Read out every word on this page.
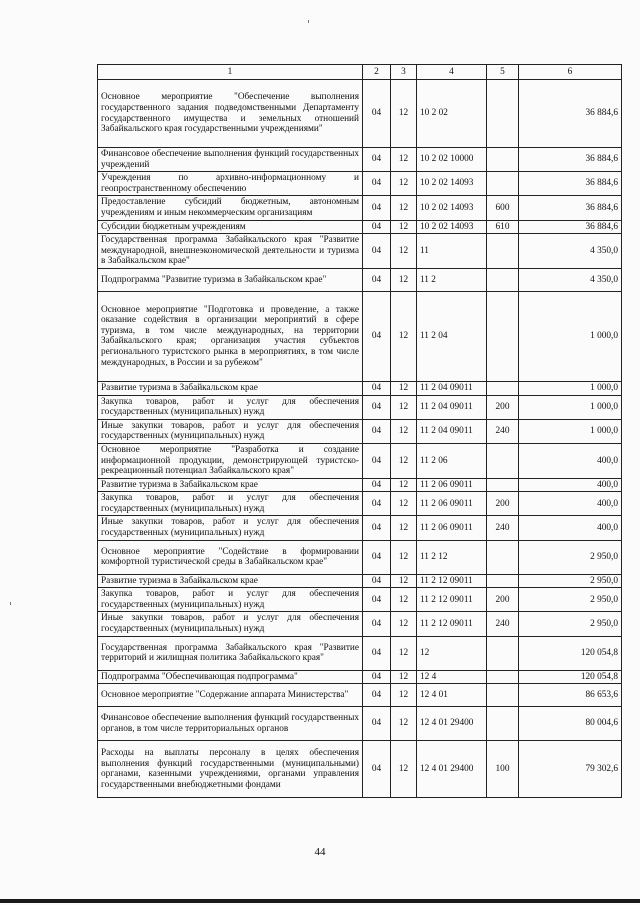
1	2	3	4	5	6
Основное мероприятие "Обеспечение выполнения государственного задания подведомственными Департаменту государственного имущества и земельных отношений Забайкальского края государственными учреждениями"	04	12	10 2 02		36 884,6
Финансовое обеспечение выполнения функций государственных учреждений	04	12	10 2 02 10000		36 884,6
Учреждения по архивно-информационному и геопространственному обеспечению	04	12	10 2 02 14093		36 884,6
Предоставление субсидий бюджетным, автономным учреждениям и иным некоммерческим организациям	04	12	10 2 02 14093	600	36 884,6
Субсидии бюджетным учреждениям	04	12	10 2 02 14093	610	36 884,6
Государственная программа Забайкальского края "Развитие международной, внешнеэкономической деятельности и туризма в Забайкальском крае"	04	12	11		4 350,0
Подпрограмма "Развитие туризма в Забайкальском крае"	04	12	11 2		4 350,0
Основное мероприятие "Подготовка и проведение, а также оказание содействия в организации мероприятий в сфере туризма, в том числе международных, на территории Забайкальского края; организация участия субъектов регионального туристского рынка в мероприятиях, в том числе международных, в России и за рубежом"	04	12	11 2 04		1 000,0
Развитие туризма в Забайкальском крае	04	12	11 2 04 09011		1 000,0
Закупка товаров, работ и услуг для обеспечения государственных (муниципальных) нужд	04	12	11 2 04 09011	200	1 000,0
Иные закупки товаров, работ и услуг для обеспечения государственных (муниципальных) нужд	04	12	11 2 04 09011	240	1 000,0
Основное мероприятие "Разработка и создание информационной продукции, демонстрирующей туристско-рекреационный потенциал Забайкальского края"	04	12	11 2 06		400,0
Развитие туризма в Забайкальском крае	04	12	11 2 06 09011		400,0
Закупка товаров, работ и услуг для обеспечения государственных (муниципальных) нужд	04	12	11 2 06 09011	200	400,0
Иные закупки товаров, работ и услуг для обеспечения государственных (муниципальных) нужд	04	12	11 2 06 09011	240	400,0
Основное мероприятие "Содействие в формировании комфортной туристической среды в Забайкальском крае"	04	12	11 2 12		2 950,0
Развитие туризма в Забайкальском крае	04	12	11 2 12 09011		2 950,0
Закупка товаров, работ и услуг для обеспечения государственных (муниципальных) нужд	04	12	11 2 12 09011	200	2 950,0
Иные закупки товаров, работ и услуг для обеспечения государственных (муниципальных) нужд	04	12	11 2 12 09011	240	2 950,0
Государственная программа Забайкальского края "Развитие территорий и жилищная политика Забайкальского края"	04	12	12		120 054,8
Подпрограмма "Обеспечивающая подпрограмма"	04	12	12 4		120 054,8
Основное мероприятие "Содержание аппарата Министерства"	04	12	12 4 01		86 653,6
Финансовое обеспечение выполнения функций государственных органов, в том числе территориальных органов	04	12	12 4 01 29400		80 004,6
Расходы на выплаты персоналу в целях обеспечения выполнения функций государственными (муниципальными) органами, казенными учреждениями, органами управления государственными внебюджетными фондами	04	12	12 4 01 29400	100	79 302,6
44
